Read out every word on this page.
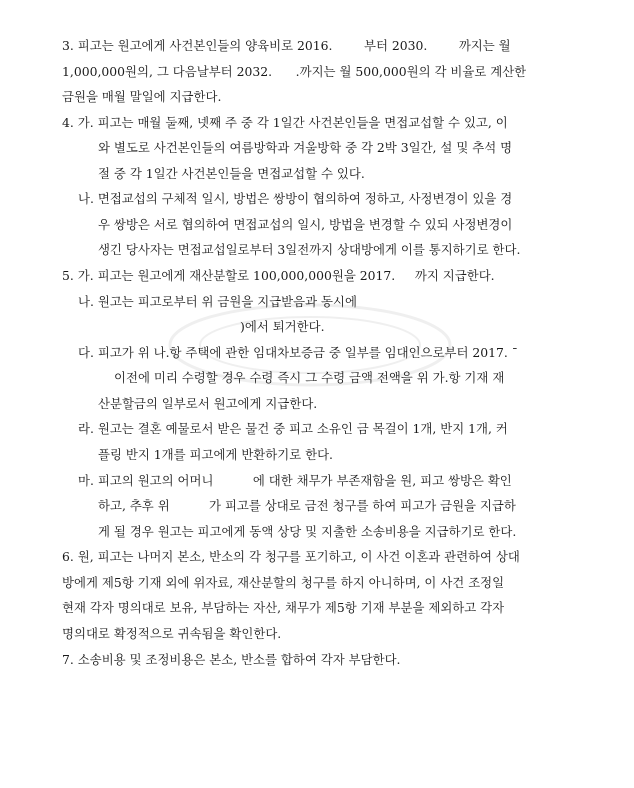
3. 피고는 원고에게 사건본인들의 양육비로 2016.        부터 2030.        까지는 월
1,000,000원의, 그 다음날부터 2032.      .까지는 월 500,000원의 각 비율로 계산한
금원을 매월 말일에 지급한다.
4. 가. 피고는 매월 둘째, 넷째 주 중 각 1일간 사건본인들을 면접교섭할 수 있고, 이
와 별도로 사건본인들의 여름방학과 겨울방학 중 각 2박 3일간, 설 및 추석 명
절 중 각 1일간 사건본인들을 면접교섭할 수 있다.
나. 면접교섭의 구체적 일시, 방법은 쌍방이 협의하여 정하고, 사정변경이 있을 경
우 쌍방은 서로 협의하여 면접교섭의 일시, 방법을 변경할 수 있되 사정변경이
생긴 당사자는 면접교섭일로부터 3일전까지 상대방에게 이를 통지하기로 한다.
5. 가. 피고는 원고에게 재산분할로 100,000,000원을 2017.     까지 지급한다.
나. 원고는 피고로부터 위 금원을 지급받음과 동시에
)에서 퇴거한다.
다. 피고가 위 나.항 주택에 관한 임대차보증금 중 일부를 임대인으로부터 2017. ˉ
이전에 미리 수령할 경우 수령 즉시 그 수령 금액 전액을 위 가.항 기재 재
산분할금의 일부로서 원고에게 지급한다.
라. 원고는 결혼 예물로서 받은 물건 중 피고 소유인 금 목걸이 1개, 반지 1개, 커
플링 반지 1개를 피고에게 반환하기로 한다.
마. 피고의 원고의 어머니          에 대한 채무가 부존재함을 원, 피고 쌍방은 확인
하고, 추후 위          가 피고를 상대로 금전 청구를 하여 피고가 금원을 지급하
게 될 경우 원고는 피고에게 동액 상당 및 지출한 소송비용을 지급하기로 한다.
6. 원, 피고는 나머지 본소, 반소의 각 청구를 포기하고, 이 사건 이혼과 관련하여 상대
방에게 제5항 기재 외에 위자료, 재산분할의 청구를 하지 아니하며, 이 사건 조정일
현재 각자 명의대로 보유, 부담하는 자산, 채무가 제5항 기재 부분을 제외하고 각자
명의대로 확정적으로 귀속됨을 확인한다.
7. 소송비용 및 조정비용은 본소, 반소를 합하여 각자 부담한다.
